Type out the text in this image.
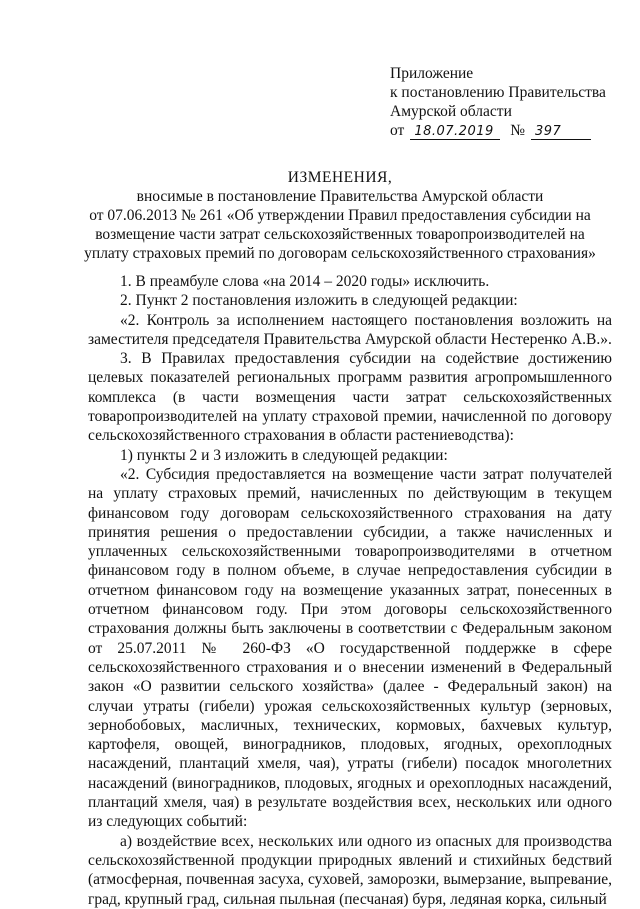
Приложение
к постановлению Правительства
Амурской области
от 18.07.2019 № 397
ИЗМЕНЕНИЯ,
вносимые в постановление Правительства Амурской области
от 07.06.2013 № 261 «Об утверждении Правил предоставления субсидии на
возмещение части затрат сельскохозяйственных товаропроизводителей на
уплату страховых премий по договорам сельскохозяйственного страхования»

1. В преамбуле слова «на 2014 – 2020 годы» исключить.

2. Пункт 2 постановления изложить в следующей редакции:

«2. Контроль за исполнением настоящего постановления возложить на заместителя председателя Правительства Амурской области Нестеренко А.В.».

3. В Правилах предоставления субсидии на содействие достижению целевых показателей региональных программ развития агропромышленного комплекса (в части возмещения части затрат сельскохозяйственных товаропроизводителей на уплату страховой премии, начисленной по договору сельскохозяйственного страхования в области растениеводства):

1) пункты 2 и 3 изложить в следующей редакции:

«2. Субсидия предоставляется на возмещение части затрат получателей на уплату страховых премий, начисленных по действующим в текущем финансовом году договорам сельскохозяйственного страхования на дату принятия решения о предоставлении субсидии, а также начисленных и уплаченных сельскохозяйственными товаропроизводителями в отчетном финансовом году в полном объеме, в случае непредоставления субсидии в отчетном финансовом году на возмещение указанных затрат, понесенных в отчетном финансовом году. При этом договоры сельскохозяйственного страхования должны быть заключены в соответствии с Федеральным законом от 25.07.2011 № 260-ФЗ «О государственной поддержке в сфере сельскохозяйственного страхования и о внесении изменений в Федеральный закон «О развитии сельского хозяйства» (далее - Федеральный закон) на случаи утраты (гибели) урожая сельскохозяйственных культур (зерновых, зернобобовых, масличных, технических, кормовых, бахчевых культур, картофеля, овощей, виноградников, плодовых, ягодных, орехоплодных насаждений, плантаций хмеля, чая), утраты (гибели) посадок многолетних насаждений (виноградников, плодовых, ягодных и орехоплодных насаждений, плантаций хмеля, чая) в результате воздействия всех, нескольких или одного из следующих событий:

а) воздействие всех, нескольких или одного из опасных для производства сельскохозяйственной продукции природных явлений и стихийных бедствий (атмосферная, почвенная засуха, суховей, заморозки, вымерзание, выпревание, град, крупный град, сильная пыльная (песчаная) буря, ледяная корка, сильный
